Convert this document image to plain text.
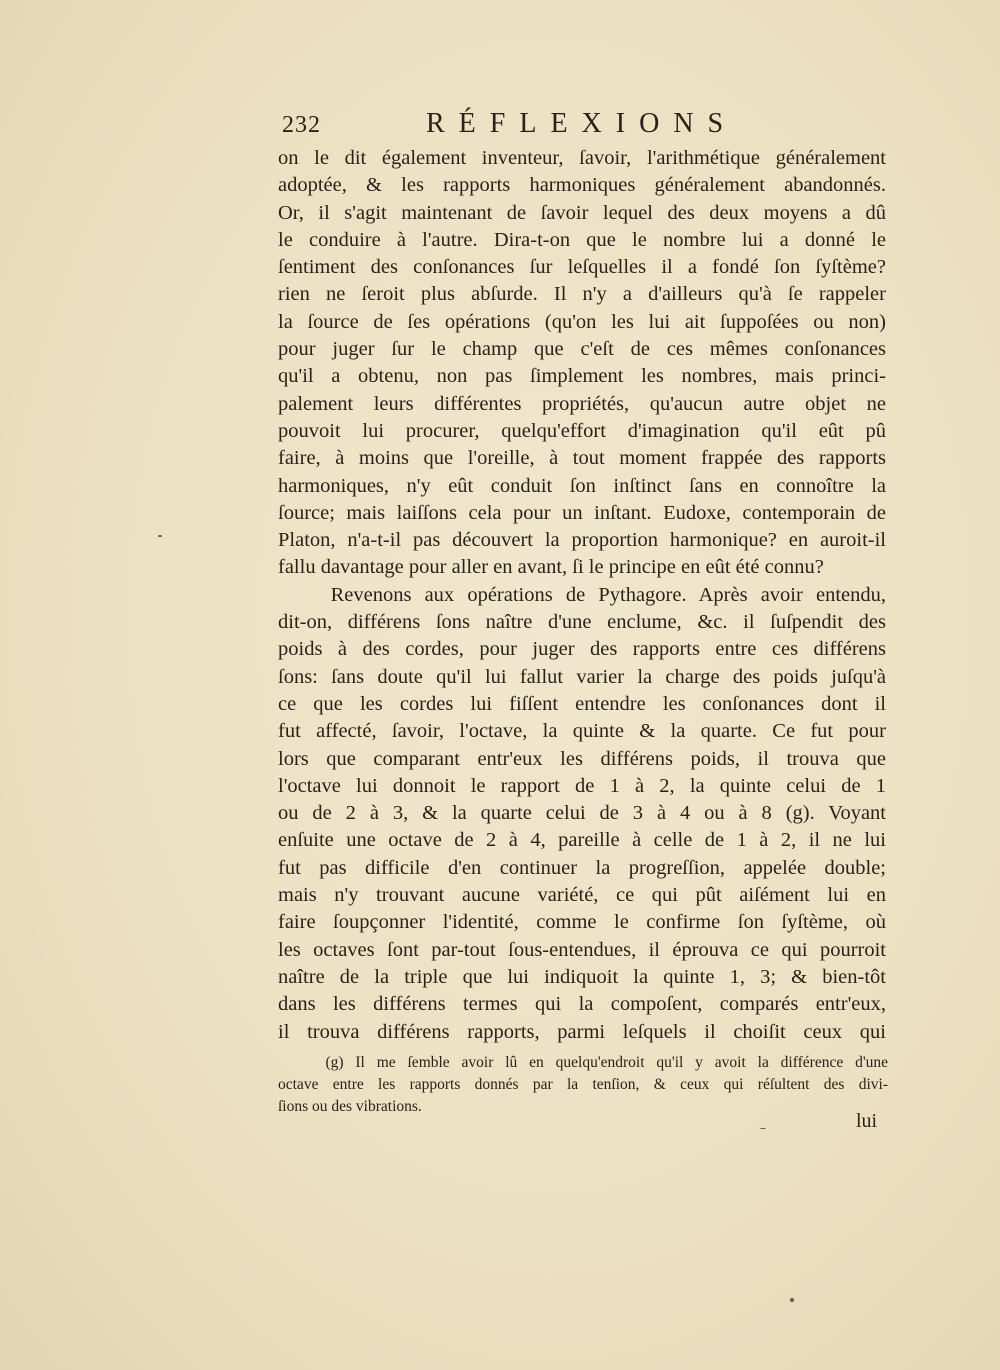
232	RÉFLEXIONS
on le dit également inventeur, ſavoir, l'arithmétique généralement
adoptée, & les rapports harmoniques généralement abandonnés.
Or, il s'agit maintenant de ſavoir lequel des deux moyens a dû
le conduire à l'autre. Dira-t-on que le nombre lui a donné le
ſentiment des conſonances ſur leſquelles il a fondé ſon ſyſtème?
rien ne ſeroit plus abſurde. Il n'y a d'ailleurs qu'à ſe rappeler
la ſource de ſes opérations (qu'on les lui ait ſuppoſées ou non)
pour juger ſur le champ que c'eſt de ces mêmes conſonances
qu'il a obtenu, non pas ſimplement les nombres, mais princi-
palement leurs différentes propriétés, qu'aucun autre objet ne
pouvoit lui procurer, quelqu'effort d'imagination qu'il eût pû
faire, à moins que l'oreille, à tout moment frappée des rapports
harmoniques, n'y eût conduit ſon inſtinct ſans en connoître la
ſource; mais laiſſons cela pour un inſtant. Eudoxe, contemporain de
Platon, n'a-t-il pas découvert la proportion harmonique? en auroit-il
fallu davantage pour aller en avant, ſi le principe en eût été connu?
Revenons aux opérations de Pythagore. Après avoir entendu,
dit-on, différens ſons naître d'une enclume, &c. il ſuſpendit des
poids à des cordes, pour juger des rapports entre ces différens
ſons: ſans doute qu'il lui fallut varier la charge des poids juſqu'à
ce que les cordes lui fiſſent entendre les conſonances dont il
fut affecté, ſavoir, l'octave, la quinte & la quarte. Ce fut pour
lors que comparant entr'eux les différens poids, il trouva que
l'octave lui donnoit le rapport de 1 à 2, la quinte celui de 1
ou de 2 à 3, & la quarte celui de 3 à 4 ou à 8 (g). Voyant
enſuite une octave de 2 à 4, pareille à celle de 1 à 2, il ne lui
fut pas difficile d'en continuer la progreſſion, appelée double;
mais n'y trouvant aucune variété, ce qui pût aiſément lui en
faire ſoupçonner l'identité, comme le confirme ſon ſyſtème, où
les octaves ſont par-tout ſous-entendues, il éprouva ce qui pourroit
naître de la triple que lui indiquoit la quinte 1, 3; & bien-tôt
dans les différens termes qui la compoſent, comparés entr'eux,
il trouva différens rapports, parmi leſquels il choiſit ceux qui
(g) Il me ſemble avoir lû en quelqu'endroit qu'il y avoit la différence d'une
octave entre les rapports donnés par la tenſion, & ceux qui réſultent des divi-
ſions ou des vibrations.
lui
